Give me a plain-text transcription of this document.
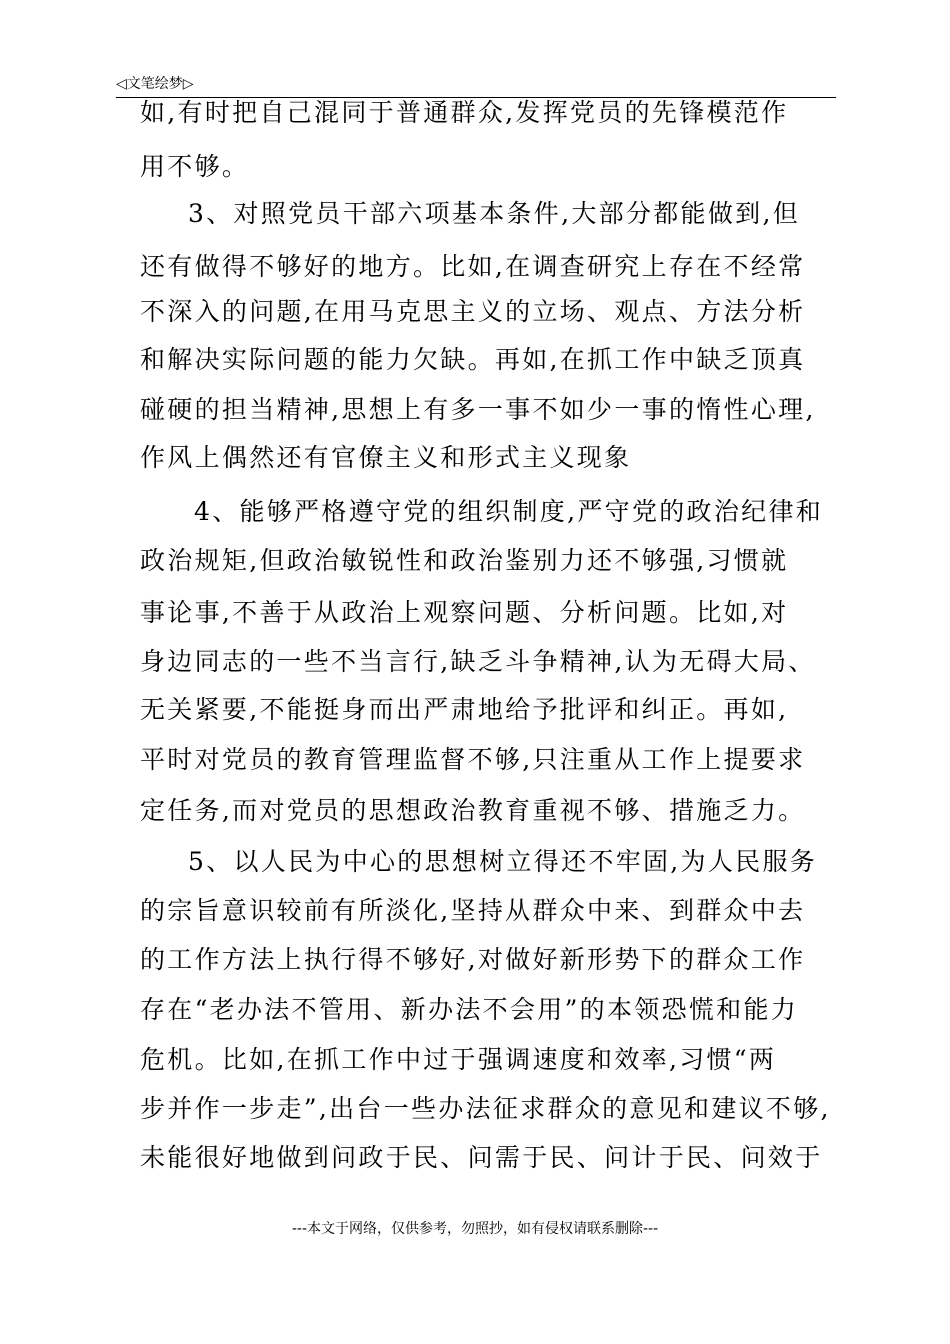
◁文笔绘梦▷
如,有时把自己混同于普通群众,发挥党员的先锋模范作
用不够。
3、对照党员干部六项基本条件,大部分都能做到,但
还有做得不够好的地方。比如,在调查研究上存在不经常
不深入的问题,在用马克思主义的立场、观点、方法分析
和解决实际问题的能力欠缺。再如,在抓工作中缺乏顶真
碰硬的担当精神,思想上有多一事不如少一事的惰性心理,
作风上偶然还有官僚主义和形式主义现象
4、能够严格遵守党的组织制度,严守党的政治纪律和
政治规矩,但政治敏锐性和政治鉴别力还不够强,习惯就
事论事,不善于从政治上观察问题、分析问题。比如,对
身边同志的一些不当言行,缺乏斗争精神,认为无碍大局、
无关紧要,不能挺身而出严肃地给予批评和纠正。再如,
平时对党员的教育管理监督不够,只注重从工作上提要求
定任务,而对党员的思想政治教育重视不够、措施乏力。
5、以人民为中心的思想树立得还不牢固,为人民服务
的宗旨意识较前有所淡化,坚持从群众中来、到群众中去
的工作方法上执行得不够好,对做好新形势下的群众工作
存在“老办法不管用、新办法不会用”的本领恐慌和能力
危机。比如,在抓工作中过于强调速度和效率,习惯“两
步并作一步走”,出台一些办法征求群众的意见和建议不够,
未能很好地做到问政于民、问需于民、问计于民、问效于
---本文于网络，仅供参考，勿照抄，如有侵权请联系删除---
